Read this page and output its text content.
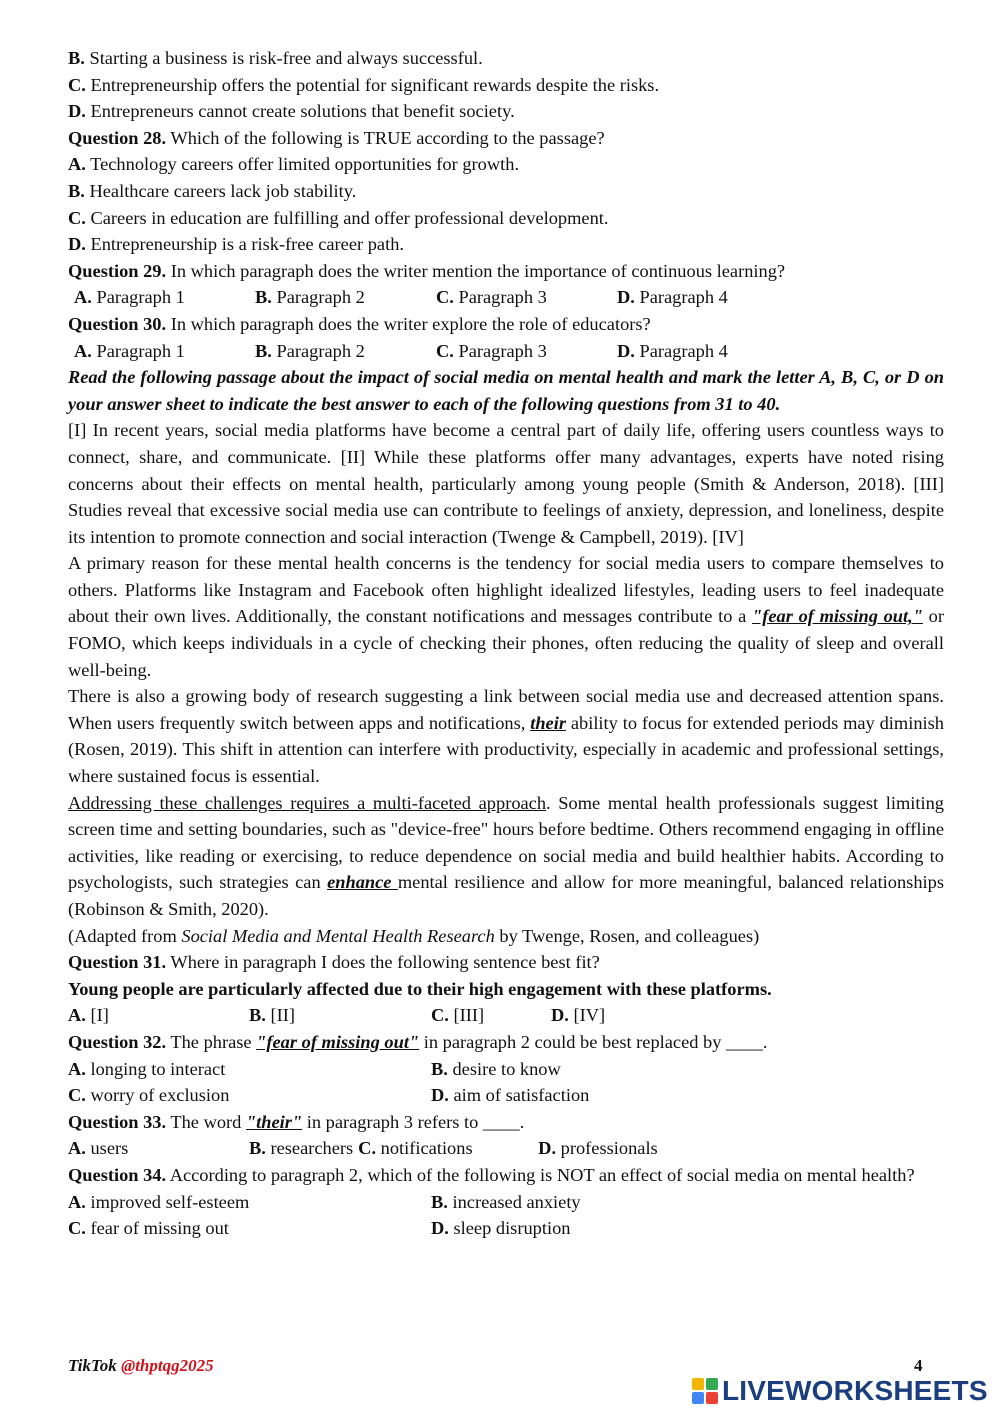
B. Starting a business is risk-free and always successful.
C. Entrepreneurship offers the potential for significant rewards despite the risks.
D. Entrepreneurs cannot create solutions that benefit society.
Question 28. Which of the following is TRUE according to the passage?
A. Technology careers offer limited opportunities for growth.
B. Healthcare careers lack job stability.
C. Careers in education are fulfilling and offer professional development.
D. Entrepreneurship is a risk-free career path.
Question 29. In which paragraph does the writer mention the importance of continuous learning?
A. Paragraph 1	B. Paragraph 2	C. Paragraph 3	D. Paragraph 4
Question 30. In which paragraph does the writer explore the role of educators?
A. Paragraph 1	B. Paragraph 2	C. Paragraph 3	D. Paragraph 4
Read the following passage about the impact of social media on mental health and mark the letter A, B, C, or D on your answer sheet to indicate the best answer to each of the following questions from 31 to 40.
[I] In recent years, social media platforms have become a central part of daily life, offering users countless ways to connect, share, and communicate. [II] While these platforms offer many advantages, experts have noted rising concerns about their effects on mental health, particularly among young people (Smith & Anderson, 2018). [III] Studies reveal that excessive social media use can contribute to feelings of anxiety, depression, and loneliness, despite its intention to promote connection and social interaction (Twenge & Campbell, 2019). [IV]
A primary reason for these mental health concerns is the tendency for social media users to compare themselves to others. Platforms like Instagram and Facebook often highlight idealized lifestyles, leading users to feel inadequate about their own lives. Additionally, the constant notifications and messages contribute to a "fear of missing out," or FOMO, which keeps individuals in a cycle of checking their phones, often reducing the quality of sleep and overall well-being.
There is also a growing body of research suggesting a link between social media use and decreased attention spans. When users frequently switch between apps and notifications, their ability to focus for extended periods may diminish (Rosen, 2019). This shift in attention can interfere with productivity, especially in academic and professional settings, where sustained focus is essential.
Addressing these challenges requires a multi-faceted approach. Some mental health professionals suggest limiting screen time and setting boundaries, such as "device-free" hours before bedtime. Others recommend engaging in offline activities, like reading or exercising, to reduce dependence on social media and build healthier habits. According to psychologists, such strategies can enhance mental resilience and allow for more meaningful, balanced relationships (Robinson & Smith, 2020).
(Adapted from Social Media and Mental Health Research by Twenge, Rosen, and colleagues)
Question 31. Where in paragraph I does the following sentence best fit?
Young people are particularly affected due to their high engagement with these platforms.
A. [I]	B. [II]	C. [III]	D. [IV]
Question 32. The phrase "fear of missing out" in paragraph 2 could be best replaced by ____.
A. longing to interact	B. desire to know
C. worry of exclusion	D. aim of satisfaction
Question 33. The word "their" in paragraph 3 refers to ____.
A. users	B. researchers C. notifications	D. professionals
Question 34. According to paragraph 2, which of the following is NOT an effect of social media on mental health?
A. improved self-esteem	B. increased anxiety
C. fear of missing out	D. sleep disruption
TikTok @thptqg2025	4
LIVEWORKSHEETS
